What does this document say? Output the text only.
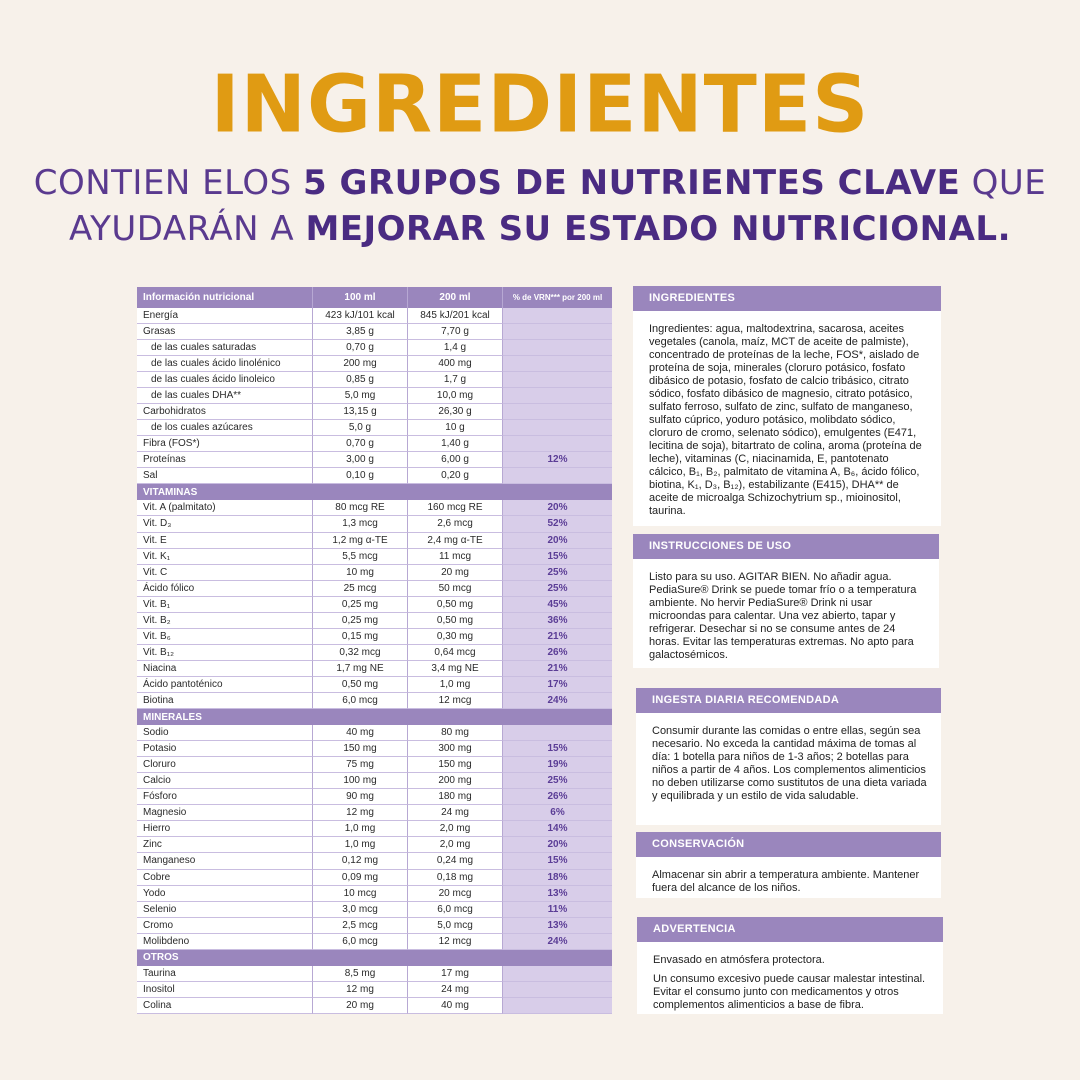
INGREDIENTES
CONTIEN ELOS 5 GRUPOS DE NUTRIENTES CLAVE QUE
AYUDARÁN A MEJORAR SU ESTADO NUTRICIONAL.
Información nutricional	100 ml	200 ml	% de VRN*** por 200 ml
Energía	423 kJ/101 kcal	845 kJ/201 kcal
Grasas	3,85 g	7,70 g
de las cuales saturadas	0,70 g	1,4 g
de las cuales ácido linolénico	200 mg	400 mg
de las cuales ácido linoleico	0,85 g	1,7 g
de las cuales DHA**	5,0 mg	10,0 mg
Carbohidratos	13,15 g	26,30 g
de los cuales azúcares	5,0 g	10 g
Fibra (FOS*)	0,70 g	1,40 g
Proteínas	3,00 g	6,00 g	12%
Sal	0,10 g	0,20 g
VITAMINAS
Vit. A (palmitato)	80 mcg RE	160 mcg RE	20%
Vit. D₃	1,3 mcg	2,6 mcg	52%
Vit. E	1,2 mg α-TE	2,4 mg α-TE	20%
Vit. K₁	5,5 mcg	11 mcg	15%
Vit. C	10 mg	20 mg	25%
Ácido fólico	25 mcg	50 mcg	25%
Vit. B₁	0,25 mg	0,50 mg	45%
Vit. B₂	0,25 mg	0,50 mg	36%
Vit. B₆	0,15 mg	0,30 mg	21%
Vit. B₁₂	0,32 mcg	0,64 mcg	26%
Niacina	1,7 mg NE	3,4 mg NE	21%
Ácido pantoténico	0,50 mg	1,0 mg	17%
Biotina	6,0 mcg	12 mcg	24%
MINERALES
Sodio	40 mg	80 mg
Potasio	150 mg	300 mg	15%
Cloruro	75 mg	150 mg	19%
Calcio	100 mg	200 mg	25%
Fósforo	90 mg	180 mg	26%
Magnesio	12 mg	24 mg	6%
Hierro	1,0 mg	2,0 mg	14%
Zinc	1,0 mg	2,0 mg	20%
Manganeso	0,12 mg	0,24 mg	15%
Cobre	0,09 mg	0,18 mg	18%
Yodo	10 mcg	20 mcg	13%
Selenio	3,0 mcg	6,0 mcg	11%
Cromo	2,5 mcg	5,0 mcg	13%
Molibdeno	6,0 mcg	12 mcg	24%
OTROS
Taurina	8,5 mg	17 mg
Inositol	12 mg	24 mg
Colina	20 mg	40 mg
INGREDIENTES
Ingredientes: agua, maltodextrina, sacarosa, aceites vegetales (canola, maíz, MCT de aceite de palmiste), concentrado de proteínas de la leche, FOS*, aislado de proteína de soja, minerales (cloruro potásico, fosfato dibásico de potasio, fosfato de calcio tribásico, citrato sódico, fosfato dibásico de magnesio, citrato potásico, sulfato ferroso, sulfato de zinc, sulfato de manganeso, sulfato cúprico, yoduro potásico, molibdato sódico, cloruro de cromo, selenato sódico), emulgentes (E471, lecitina de soja), bitartrato de colina, aroma (proteína de leche), vitaminas (C, niacinamida, E, pantotenato cálcico, B₁, B₂, palmitato de vitamina A, B₆, ácido fólico, biotina, K₁, D₃, B₁₂), estabilizante (E415), DHA** de aceite de microalga Schizochytrium sp., mioinositol, taurina.
INSTRUCCIONES DE USO
Listo para su uso. AGITAR BIEN. No añadir agua. PediaSure® Drink se puede tomar frío o a temperatura ambiente. No hervir PediaSure® Drink ni usar microondas para calentar. Una vez abierto, tapar y refrigerar. Desechar si no se consume antes de 24 horas. Evitar las temperaturas extremas. No apto para galactosémicos.
INGESTA DIARIA RECOMENDADA
Consumir durante las comidas o entre ellas, según sea necesario. No exceda la cantidad máxima de tomas al día: 1 botella para niños de 1-3 años; 2 botellas para niños a partir de 4 años. Los complementos alimenticios no deben utilizarse como sustitutos de una dieta variada y equilibrada y un estilo de vida saludable.
CONSERVACIÓN
Almacenar sin abrir a temperatura ambiente. Mantener fuera del alcance de los niños.
ADVERTENCIA

Envasado en atmósfera protectora.

Un consumo excesivo puede causar malestar intestinal. Evitar el consumo junto con medicamentos y otros complementos alimenticios a base de fibra.
